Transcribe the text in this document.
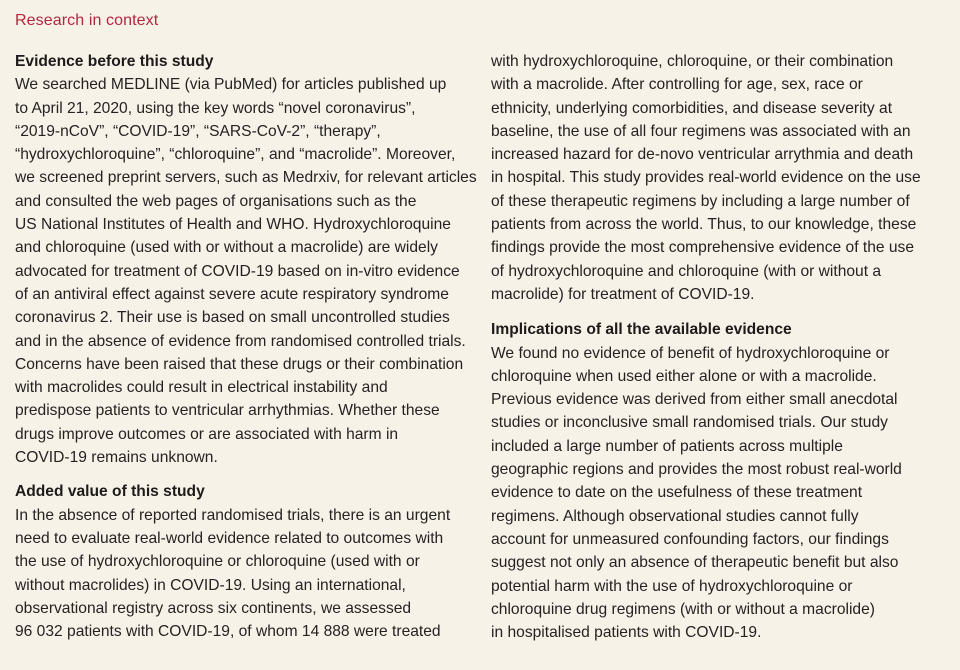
Research in context
Evidence before this study
We searched MEDLINE (via PubMed) for articles published up
to April 21, 2020, using the key words “novel coronavirus”,
“2019-nCoV”, “COVID-19”, “SARS-CoV-2”, “therapy”,
“hydroxychloroquine”, “chloroquine”, and “macrolide”. Moreover,
we screened preprint servers, such as Medrxiv, for relevant articles
and consulted the web pages of organisations such as the
US National Institutes of Health and WHO. Hydroxychloroquine
and chloroquine (used with or without a macrolide) are widely
advocated for treatment of COVID-19 based on in-vitro evidence
of an antiviral effect against severe acute respiratory syndrome
coronavirus 2. Their use is based on small uncontrolled studies
and in the absence of evidence from randomised controlled trials.
Concerns have been raised that these drugs or their combination
with macrolides could result in electrical instability and
predispose patients to ventricular arrhythmias. Whether these
drugs improve outcomes or are associated with harm in
COVID-19 remains unknown.
Added value of this study
In the absence of reported randomised trials, there is an urgent
need to evaluate real-world evidence related to outcomes with
the use of hydroxychloroquine or chloroquine (used with or
without macrolides) in COVID-19. Using an international,
observational registry across six continents, we assessed
96 032 patients with COVID-19, of whom 14 888 were treated
with hydroxychloroquine, chloroquine, or their combination
with a macrolide. After controlling for age, sex, race or
ethnicity, underlying comorbidities, and disease severity at
baseline, the use of all four regimens was associated with an
increased hazard for de-novo ventricular arrythmia and death
in hospital. This study provides real-world evidence on the use
of these therapeutic regimens by including a large number of
patients from across the world. Thus, to our knowledge, these
findings provide the most comprehensive evidence of the use
of hydroxychloroquine and chloroquine (with or without a
macrolide) for treatment of COVID-19.
Implications of all the available evidence
We found no evidence of benefit of hydroxychloroquine or
chloroquine when used either alone or with a macrolide.
Previous evidence was derived from either small anecdotal
studies or inconclusive small randomised trials. Our study
included a large number of patients across multiple
geographic regions and provides the most robust real-world
evidence to date on the usefulness of these treatment
regimens. Although observational studies cannot fully
account for unmeasured confounding factors, our findings
suggest not only an absence of therapeutic benefit but also
potential harm with the use of hydroxychloroquine or
chloroquine drug regimens (with or without a macrolide)
in hospitalised patients with COVID-19.
